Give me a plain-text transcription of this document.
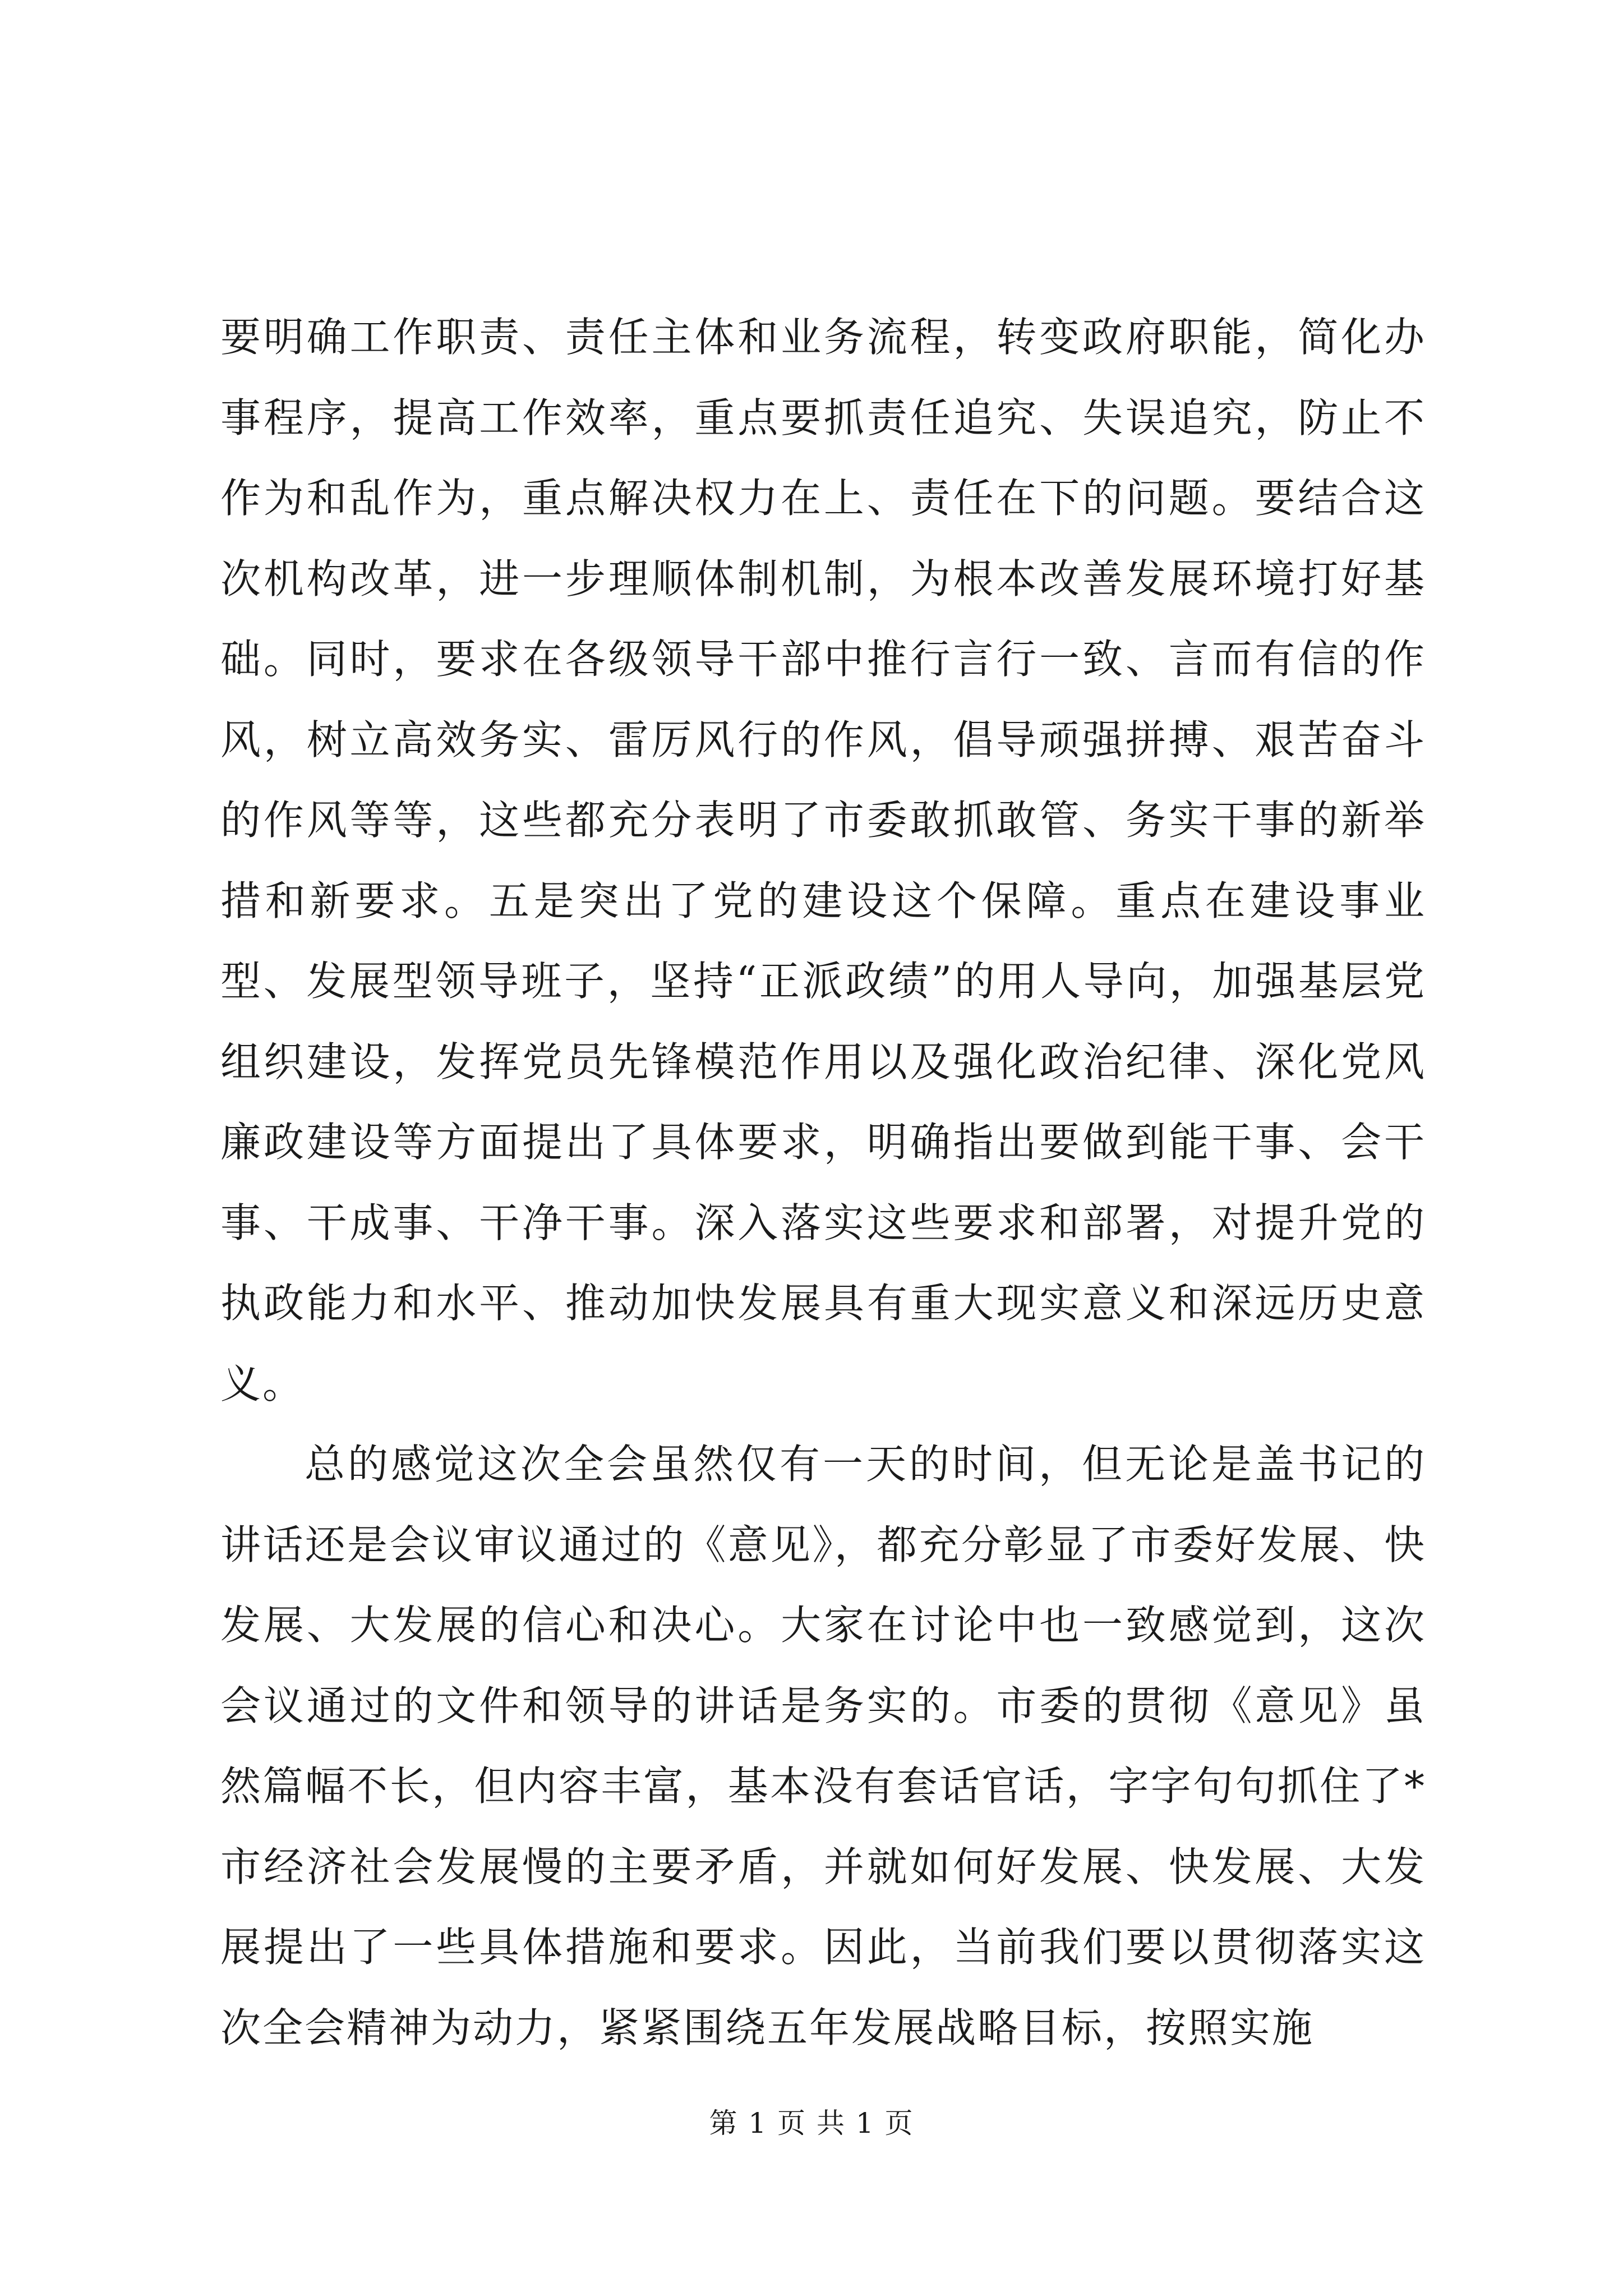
要明确工作职责、责任主体和业务流程，转变政府职能，简化办事程序，提高工作效率，重点要抓责任追究、失误追究，防止不作为和乱作为，重点解决权力在上、责任在下的问题。要结合这次机构改革，进一步理顺体制机制，为根本改善发展环境打好基础。同时，要求在各级领导干部中推行言行一致、言而有信的作风，树立高效务实、雷厉风行的作风，倡导顽强拼搏、艰苦奋斗的作风等等，这些都充分表明了市委敢抓敢管、务实干事的新举措和新要求。五是突出了党的建设这个保障。重点在建设事业型、发展型领导班子，坚持“正派政绩”的用人导向，加强基层党组织建设，发挥党员先锋模范作用以及强化政治纪律、深化党风廉政建设等方面提出了具体要求，明确指出要做到能干事、会干事、干成事、干净干事。深入落实这些要求和部署，对提升党的执政能力和水平、推动加快发展具有重大现实意义和深远历史意义。

总的感觉这次全会虽然仅有一天的时间，但无论是盖书记的讲话还是会议审议通过的《意见》，都充分彰显了市委好发展、快发展、大发展的信心和决心。大家在讨论中也一致感觉到，这次会议通过的文件和领导的讲话是务实的。市委的贯彻《意见》虽然篇幅不长，但内容丰富，基本没有套话官话，字字句句抓住了*市经济社会发展慢的主要矛盾，并就如何好发展、快发展、大发展提出了一些具体措施和要求。因此，当前我们要以贯彻落实这次全会精神为动力，紧紧围绕五年发展战略目标，按照实施

第 1 页 共 1 页
